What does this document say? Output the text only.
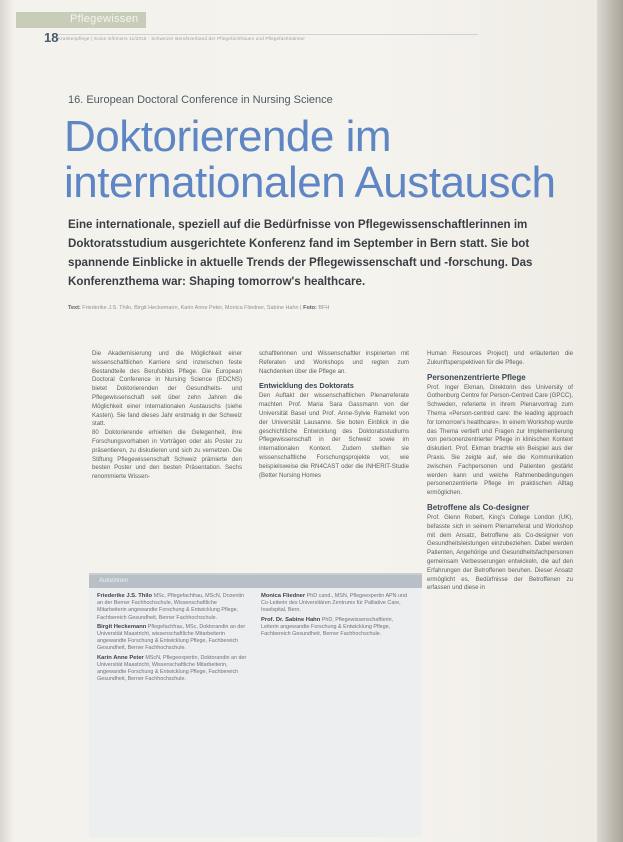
Pflegewissen
18 Krankenpflege | Soins infirmiers 11/2015 · Schweizer Berufsverband der Pflegefachfrauen und Pflegefachmänner
16. European Doctoral Conference in Nursing Science
Doktorierende im internationalen Austausch

Eine internationale, speziell auf die Bedürfnisse von Pflegewissenschaftlerinnen im Doktoratsstudium ausgerichtete Konferenz fand im September in Bern statt. Sie bot spannende Einblicke in aktuelle Trends der Pflegewissenschaft und -forschung. Das Konferenzthema war: Shaping tomorrow's healthcare.

Text: Friederike J.S. Thilo, Birgit Heckemann, Karin Anne Peter, Monica Fliedner, Sabine Hahn | Foto: BFH

Die Akademisierung und die Möglichkeit einer wissenschaftlichen Karriere sind inzwischen feste Bestandteile des Berufsbilds Pflege. Die European Doctoral Conference in Nursing Science (EDCNS) bietet Doktorierenden der Gesundheits- und Pflegewissenschaft seit über zehn Jahren die Möglichkeit einer internationalen Austauschs (siehe Kasten). Sie fand dieses Jahr erstmalig in der Schweiz statt.

80 Doktorierende erhielten die Gelegenheit, ihre Forschungsvorhaben in Vorträgen oder als Poster zu präsentieren, zu diskutieren und sich zu vernetzen. Die Stiftung Pflegewissenschaft Schweiz prämierte den besten Poster und den besten Präsentation. Sechs renommierte Wissen-

schaftlerinnen und Wissenschaftler inspirierten mit Referaten und Workshops und regten zum Nachdenken über die Pflege an.

Entwicklung des Doktorats

Den Auftakt der wissenschaftlichen Plenarreferate machten Prof. Maria Sara Gassmann von der Universität Basel und Prof. Anne-Sylvie Ramelet von der Universität Lausanne. Sie boten Einblick in die geschichtliche Entwicklung des Doktoratsstudiums Pflegewissenschaft in der Schweiz sowie im internationalen Kontext. Zudem stellten sie wissenschaftliche Forschungsprojekte vor, wie beispielsweise die RN4CAST oder die INHERIT-Studie (Better Nursing Homes

Human Resources Project) und erläuterten die Zukunftsperspektiven für die Pflege.

Personenzentrierte Pflege

Prof. Inger Ekman, Direktorin des University of Gothenburg Centre for Person-Centred Care (GPCC), Schweden, referierte in ihrem Plenarvortrag zum Thema «Person-centred care: the leading approach for tomorrow's healthcare». In einem Workshop wurde das Thema vertieft und Fragen zur Implementierung von personenzentrierter Pflege in klinischen Kontext diskutiert. Prof. Ekman brachte ein Beispiel aus der Praxis. Sie zeigte auf, wie die Kommunikation zwischen Fachpersonen und Patienten gestärkt werden kann und welche Rahmenbedingungen personenzentrierte Pflege im praktischen Alltag ermöglichen.

Betroffene als Co-designer

Prof. Glenn Robert, King's College London (UK), befasste sich in seinem Plenarreferat und Workshop mit dem Ansatz, Betroffene als Co-designer von Gesundheitsleistungen einzubeziehen. Dabei werden Patienten, Angehörige und Gesundheitsfachpersonen gemeinsam Verbesserungen entwickeln, die auf den Erfahrungen der Betroffenen beruhen. Dieser Ansatz ermöglicht es, Bedürfnisse der Betroffenen zu erfassen und diese in

Autorinnen

Friederike J.S. Thilo MSc, Pflegefachfrau, MScN, Dozentin an der Berner Fachhochschule, Wissenschaftliche Mitarbeiterin angewandte Forschung & Entwicklung Pflege, Fachbereich Gesundheit, Berner Fachhochschule.

Birgit Heckemann Pflegefachfrau, MSc, Doktorandin an der Universität Maastricht, wissenschaftliche Mitarbeiterin angewandte Forschung & Entwicklung Pflege, Fachbereich Gesundheit, Berner Fachhochschule.

Karin Anne Peter MScN, Pflegeexpertin, Doktorandin an der Universität Maastricht, Wissenschaftliche Mitarbeiterin, angewandte Forschung & Entwicklung Pflege, Fachbereich Gesundheit, Berner Fachhochschule.

Monica Fliedner PhD cand., MSN, Pflegeexpertin APN und Co-Leiterin des Universitären Zentrums für Palliative Care, Inselspital, Bern.

Prof. Dr. Sabine Hahn PhD, Pflegewissenschaftlerin, Leiterin angewandte Forschung & Entwicklung Pflege, Fachbereich Gesundheit, Berner Fachhochschule.
